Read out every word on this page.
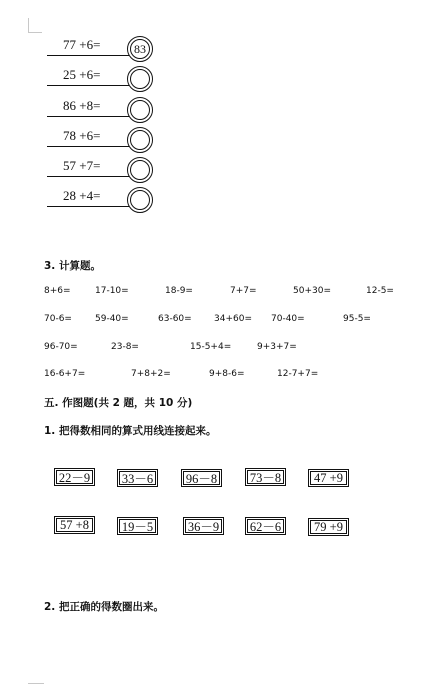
77 +6=	83
25 +6=
86 +8=
78 +6=
57 +7=
28 +4=
3. 计算题。
8+6=	17-10=	18-9=	7+7=	50+30=	12-5=
70-6=	59-40=	63-60= 34+60= 70-40=	95-5=
96-70=	23-8=	15-5+4=	9+3+7=
16-6+7=	7+8+2=	9+8-6=	12-7+7=
五. 作图题(共 2 题，共 10 分)
1. 把得数相同的算式用线连接起来。
22－9	33－6	96－8	73－8	47 +9
57 +8	19－5	36－9 62－6	79 +9
2. 把正确的得数圈出来。
